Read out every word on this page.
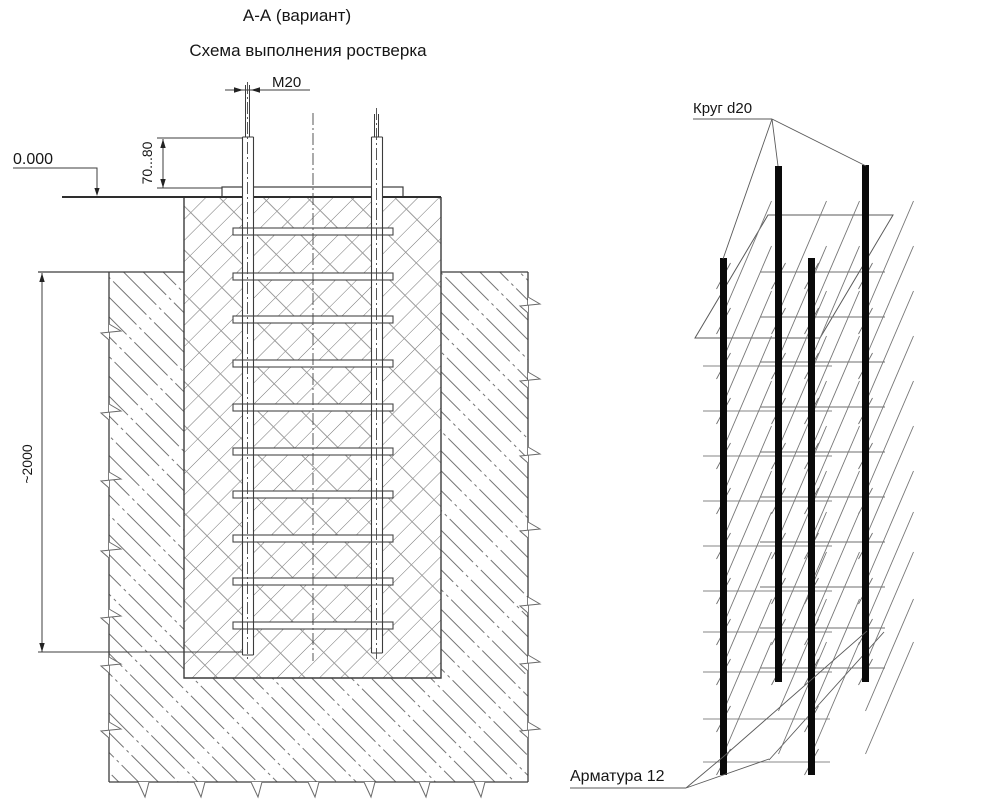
М20
70...80
0.000
~2000
А-А (вариант)
Схема выполнения ростверка
Круг d20
Арматура 12
